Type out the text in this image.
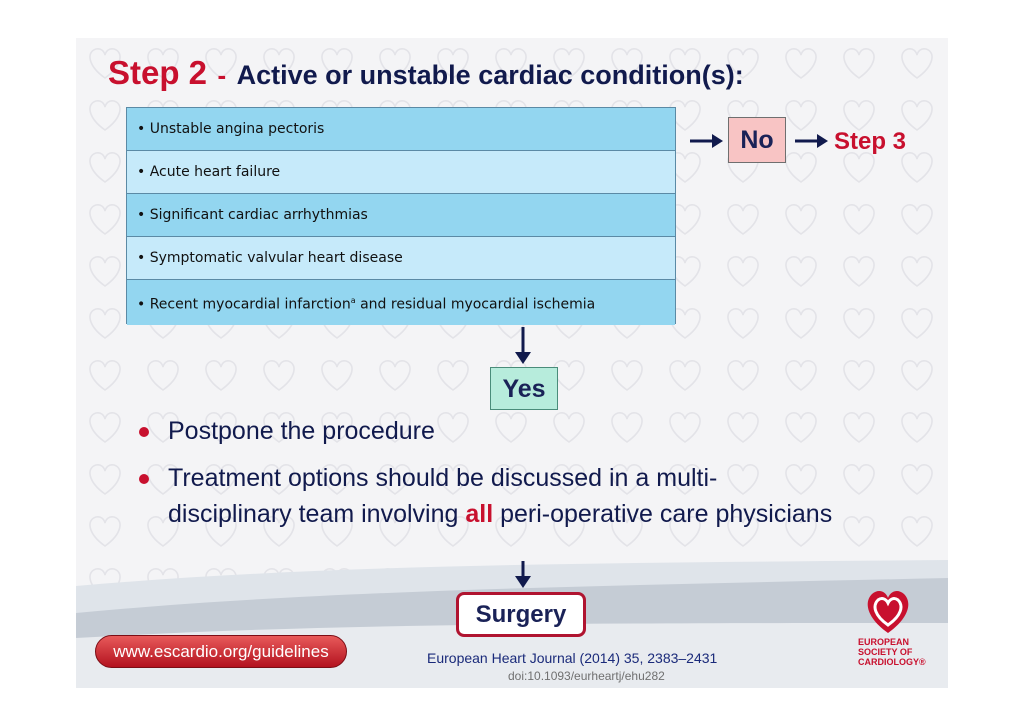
Step 2 - Active or unstable cardiac condition(s):
• Unstable angina pectoris
• Acute heart failure
• Significant cardiac arrhythmias
• Symptomatic valvular heart disease
• Recent myocardial infarction$^a$ and residual myocardial ischemia
No	Step 3
Yes
Postpone the procedure
Treatment options should be discussed in a multi-disciplinary team involving all peri-operative care physicians
Surgery
www.escardio.org/guidelines	European Heart Journal (2014) 35, 2383–2431
doi:10.1093/eurheartj/ehu282
EUROPEAN
SOCIETY OF
CARDIOLOGY®
